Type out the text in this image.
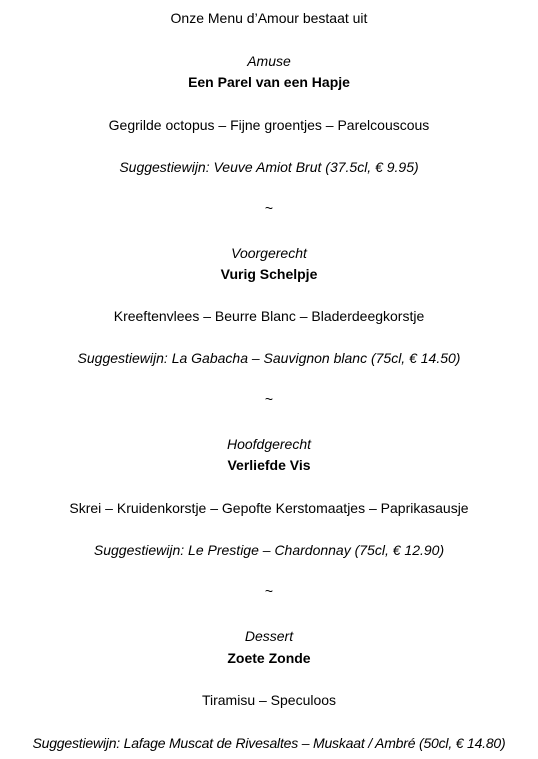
Onze Menu d’Amour bestaat uit
Amuse
Een Parel van een Hapje
Gegrilde octopus – Fijne groentjes – Parelcouscous
Suggestiewijn: Veuve Amiot Brut (37.5cl, € 9.95)
~
Voorgerecht
Vurig Schelpje
Kreeftenvlees – Beurre Blanc – Bladerdeegkorstje
Suggestiewijn: La Gabacha – Sauvignon blanc (75cl, € 14.50)
~
Hoofdgerecht
Verliefde Vis
Skrei – Kruidenkorstje – Gepofte Kerstomaatjes – Paprikasausje
Suggestiewijn: Le Prestige – Chardonnay (75cl, € 12.90)
~
Dessert
Zoete Zonde
Tiramisu – Speculoos
Suggestiewijn: Lafage Muscat de Rivesaltes – Muskaat / Ambré (50cl, € 14.80)
